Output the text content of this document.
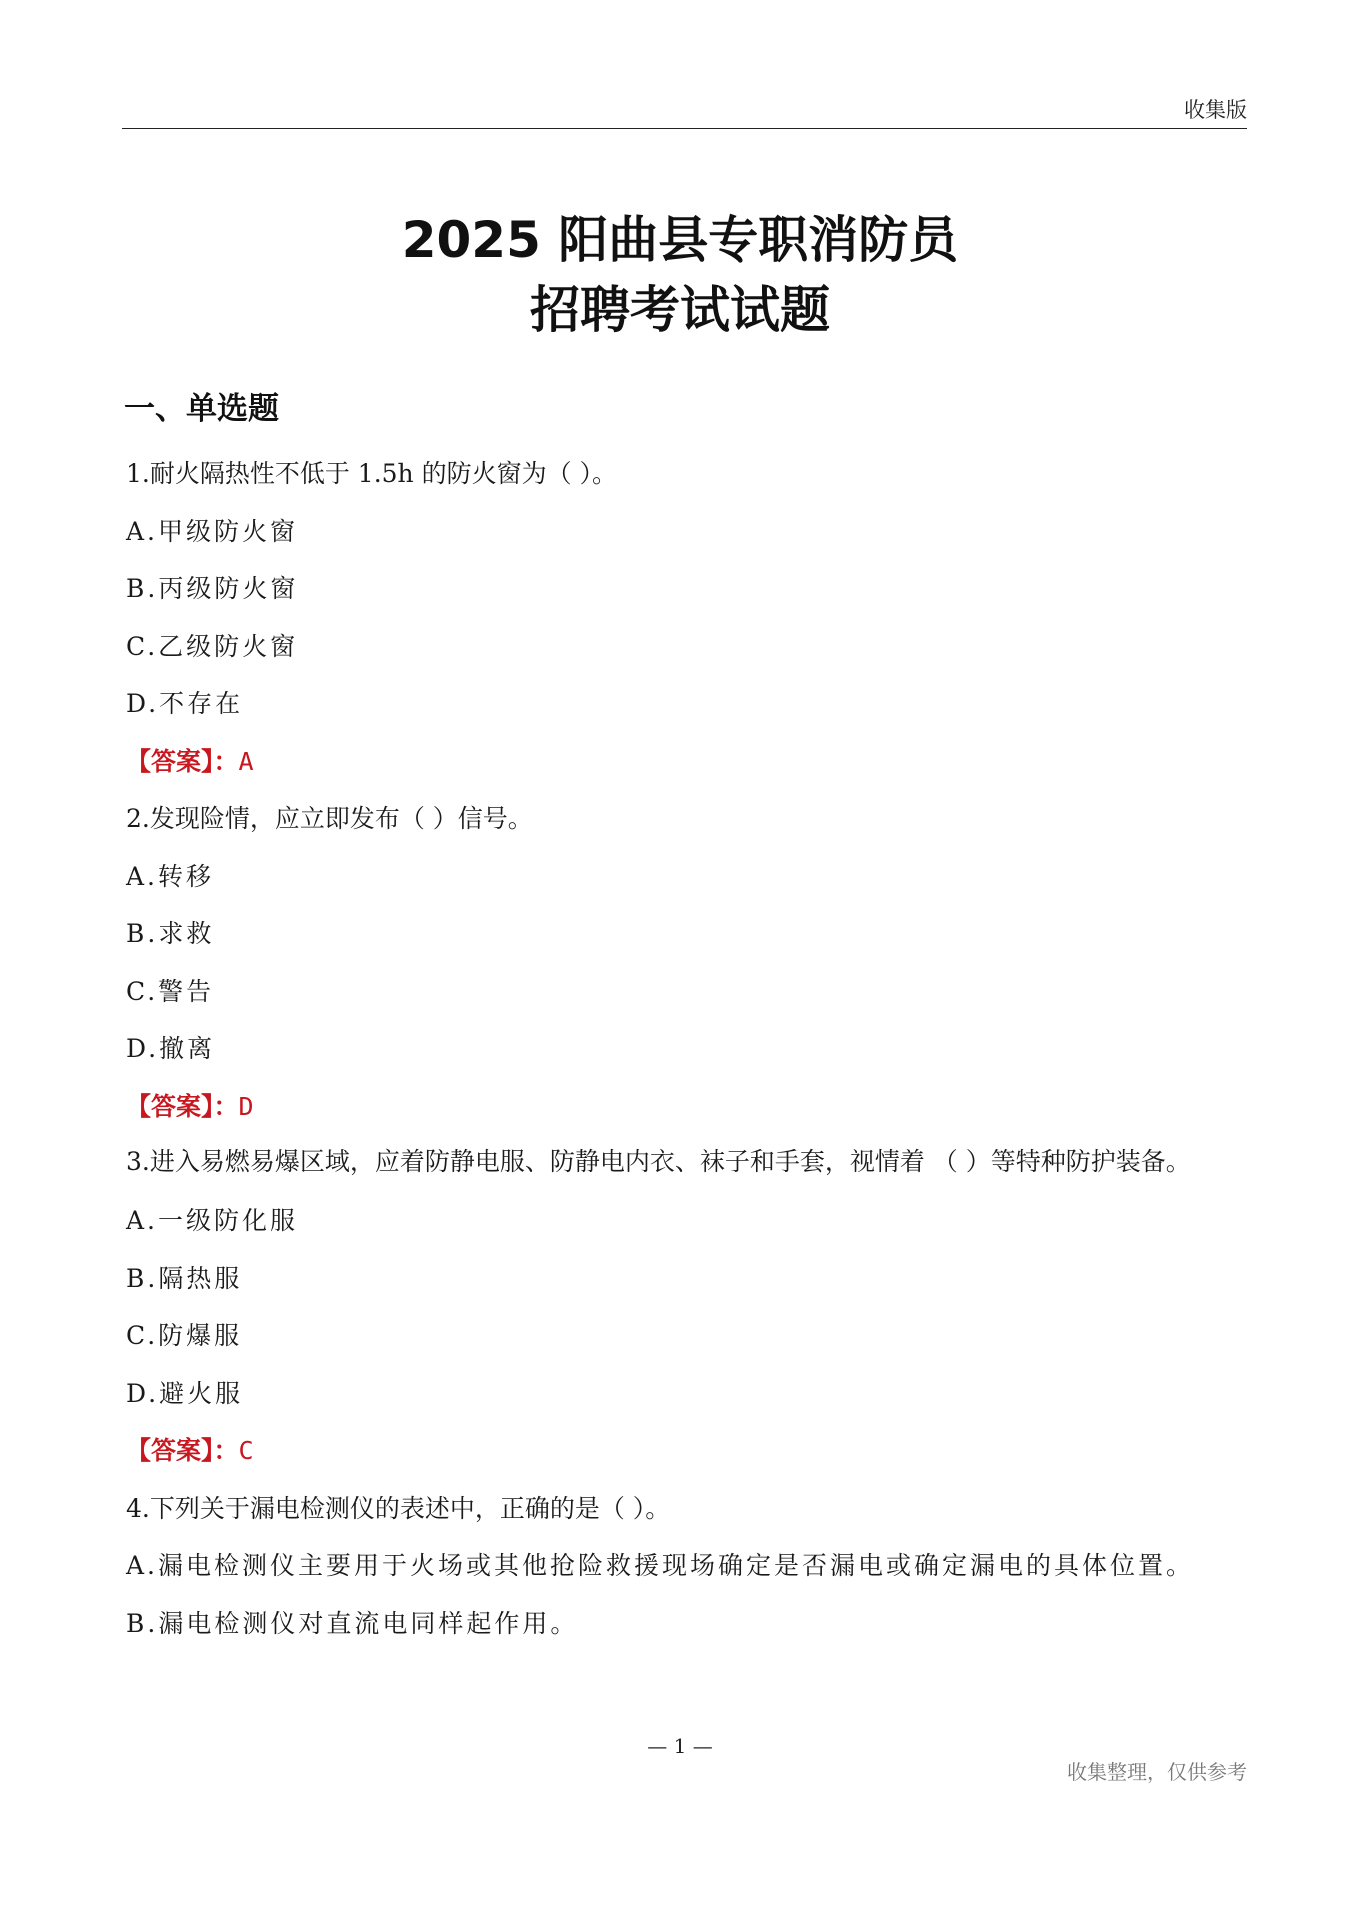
收集版
2025 阳曲县专职消防员
招聘考试试题
一、单选题
1.耐火隔热性不低于 1.5h 的防火窗为（ ）。
A.甲级防火窗
B.丙级防火窗
C.乙级防火窗
D.不存在
【答案】：A
2.发现险情，应立即发布（ ）信号。
A.转移
B.求救
C.警告
D.撤离
【答案】：D
3.进入易燃易爆区域，应着防静电服、防静电内衣、袜子和手套，视情着 （ ）等特种防护装备。
A.一级防化服
B.隔热服
C.防爆服
D.避火服
【答案】：C
4.下列关于漏电检测仪的表述中，正确的是（ ）。
A.漏电检测仪主要用于火场或其他抢险救援现场确定是否漏电或确定漏电的具体位置。
B.漏电检测仪对直流电同样起作用。
— 1 —
收集整理，仅供参考
